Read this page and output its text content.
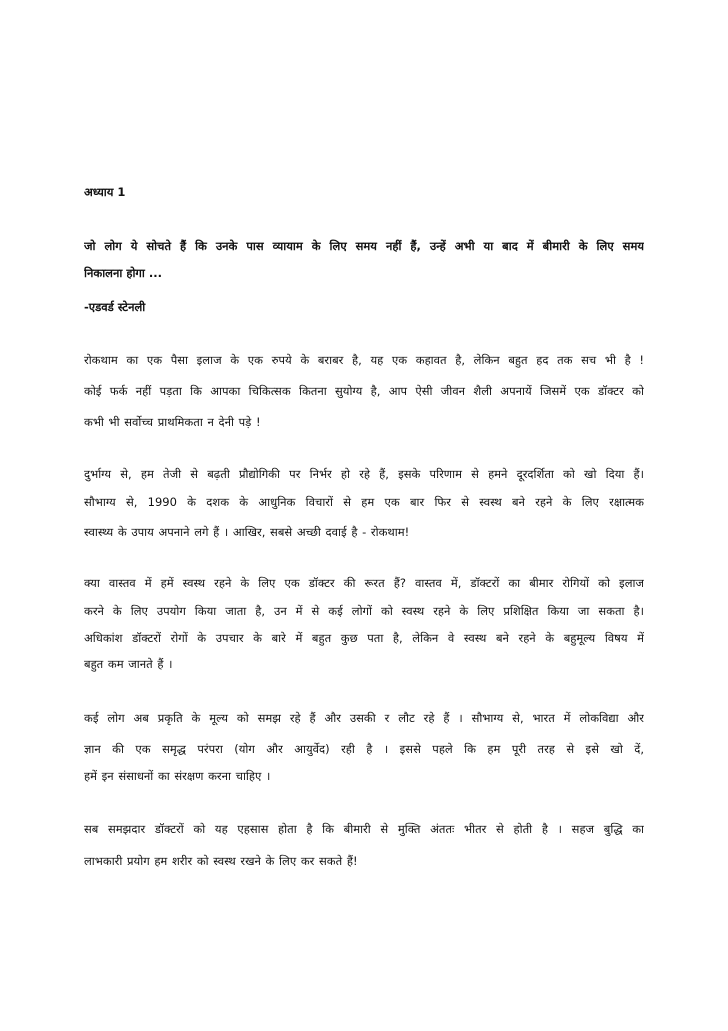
अध्याय 1
जो लोग ये सोचते हैं कि उनके पास व्यायाम के लिए समय नहीं हैं, उन्हें अभी या बाद में बीमारी के लिए समय
निकालना होगा ...
-एडवर्ड स्टेनली
रोकथाम का एक पैसा इलाज के एक रुपये के बराबर है, यह एक कहावत है, लेकिन बहुत हद तक सच भी है !
कोई फर्क नहीं पड़ता कि आपका चिकित्सक कितना सुयोग्य है, आप ऐसी जीवन शैली अपनायें जिसमें एक डॉक्टर को
कभी भी सर्वोच्च प्राथमिकता न देनी पड़े !
दुर्भाग्य से, हम तेजी से बढ़ती प्रौद्योगिकी पर निर्भर हो रहे हैं, इसके परिणाम से हमने दूरदर्शिता को खो दिया हैं।
सौभाग्य से, 1990 के दशक के आधुनिक विचारों से हम एक बार फिर से स्वस्थ बने रहने के लिए रक्षात्मक
स्वास्थ्य के उपाय अपनाने लगे हैं । आखिर, सबसे अच्छी दवाई है - रोकथाम!
क्या वास्तव में हमें स्वस्थ रहने के लिए एक डॉक्टर की रूरत हैं? वास्तव में, डॉक्टरों का बीमार रोगियों को इलाज
करने के लिए उपयोग किया जाता है, उन में से कई लोगों को स्वस्थ रहने के लिए प्रशिक्षित किया जा सकता है।
अधिकांश डॉक्टरों रोगों के उपचार के बारे में बहुत कुछ पता है, लेकिन वे स्वस्थ बने रहने के बहुमूल्य विषय में
बहुत कम जानते हैं ।
कई लोग अब प्रकृति के मूल्य को समझ रहे हैं और उसकी र लौट रहे हैं । सौभाग्य से, भारत में लोकविद्या और
ज्ञान की एक समृद्ध परंपरा (योग और आयुर्वेद) रही है । इससे पहले कि हम पूरी तरह से इसे खो दें,
हमें इन संसाधनों का संरक्षण करना चाहिए ।
सब समझदार डॉक्टरों को यह एहसास होता है कि बीमारी से मुक्ति अंततः भीतर से होती है । सहज बुद्धि का
लाभकारी प्रयोग हम शरीर को स्वस्थ रखने के लिए कर सकते हैं!
